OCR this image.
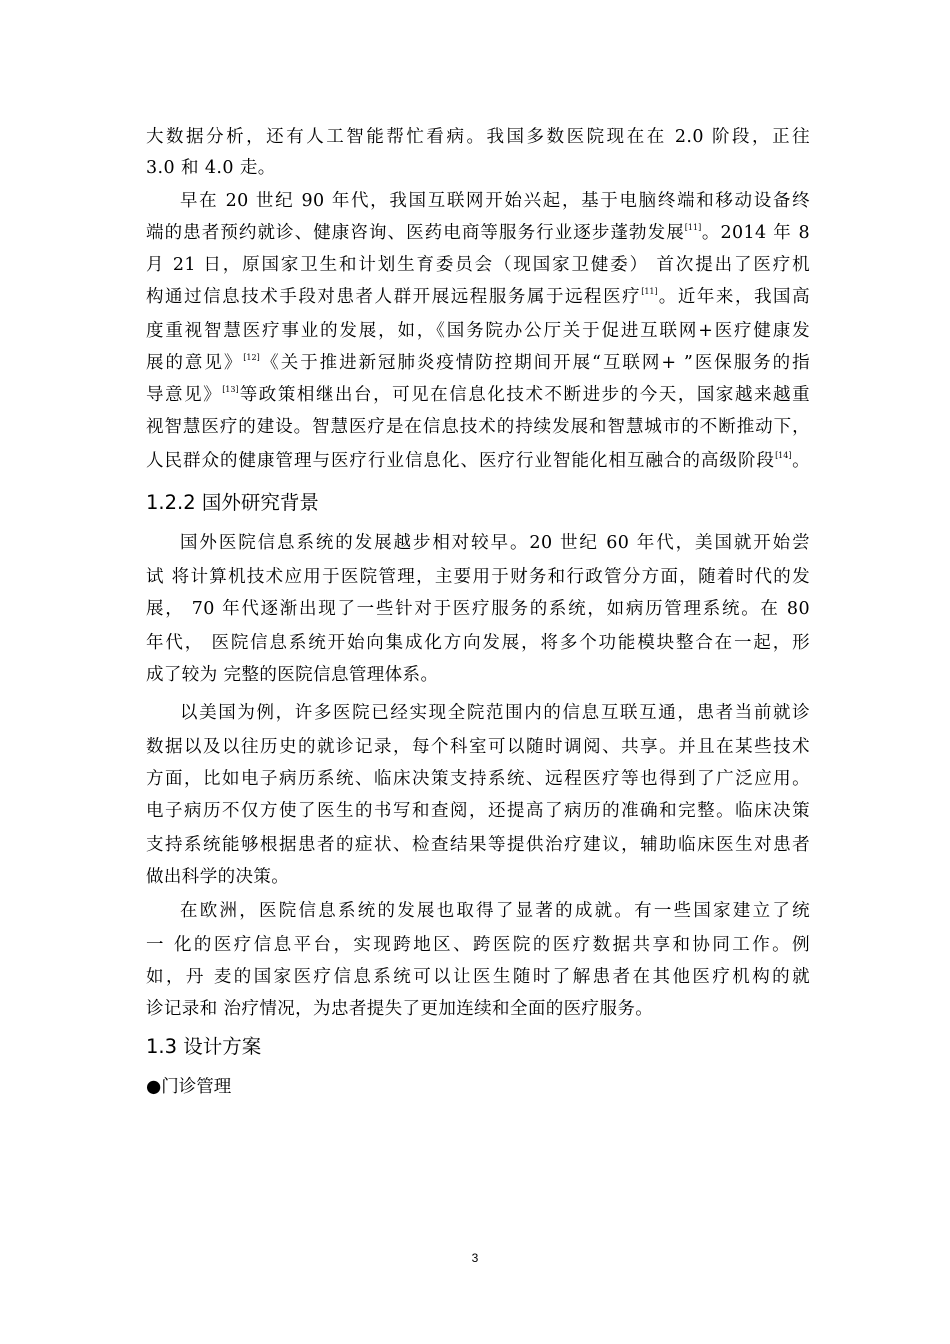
大数据分析，还有人工智能帮忙看病。我国多数医院现在在 2.0 阶段，正往
3.0 和 4.0 走。
早在 20 世纪 90 年代，我国互联网开始兴起，基于电脑终端和移动设备终
端的患者预约就诊、健康咨询、医药电商等服务行业逐步蓬勃发展[11]。2014 年 8
月 21 日，原国家卫生和计划生育委员会（现国家卫健委） 首次提出了医疗机
构通过信息技术手段对患者人群开展远程服务属于远程医疗[11]。近年来，我国高
度重视智慧医疗事业的发展，如，《国务院办公厅关于促进互联网+医疗健康发
展的意见》[12]《关于推进新冠肺炎疫情防控期间开展“互联网+ ”医保服务的指
导意见》[13]等政策相继出台，可见在信息化技术不断进步的今天，国家越来越重
视智慧医疗的建设。智慧医疗是在信息技术的持续发展和智慧城市的不断推动下，
人民群众的健康管理与医疗行业信息化、医疗行业智能化相互融合的高级阶段[14]。
1.2.2 国外研究背景
国外医院信息系统的发展越步相对较早。20 世纪 60 年代，美国就开始尝
试 将计算机技术应用于医院管理，主要用于财务和行政管分方面，随着时代的发
展， 70 年代逐渐出现了一些针对于医疗服务的系统，如病历管理系统。在 80
年代， 医院信息系统开始向集成化方向发展，将多个功能模块整合在一起，形
成了较为 完整的医院信息管理体系。
以美国为例，许多医院已经实现全院范围内的信息互联互通，患者当前就诊
数据以及以往历史的就诊记录，每个科室可以随时调阅、共享。并且在某些技术
方面，比如电子病历系统、临床决策支持系统、远程医疗等也得到了广泛应用。
电子病历不仅方使了医生的书写和查阅，还提高了病历的准确和完整。临床决策
支持系统能够根据患者的症状、检查结果等提供治疗建议，辅助临床医生对患者
做出科学的决策。
在欧洲，医院信息系统的发展也取得了显著的成就。有一些国家建立了统
一 化的医疗信息平台，实现跨地区、跨医院的医疗数据共享和协同工作。例
如，丹 麦的国家医疗信息系统可以让医生随时了解患者在其他医疗机构的就
诊记录和 治疗情况，为忠者提失了更加连续和全面的医疗服务。
1.3 设计方案
●门诊管理
3
